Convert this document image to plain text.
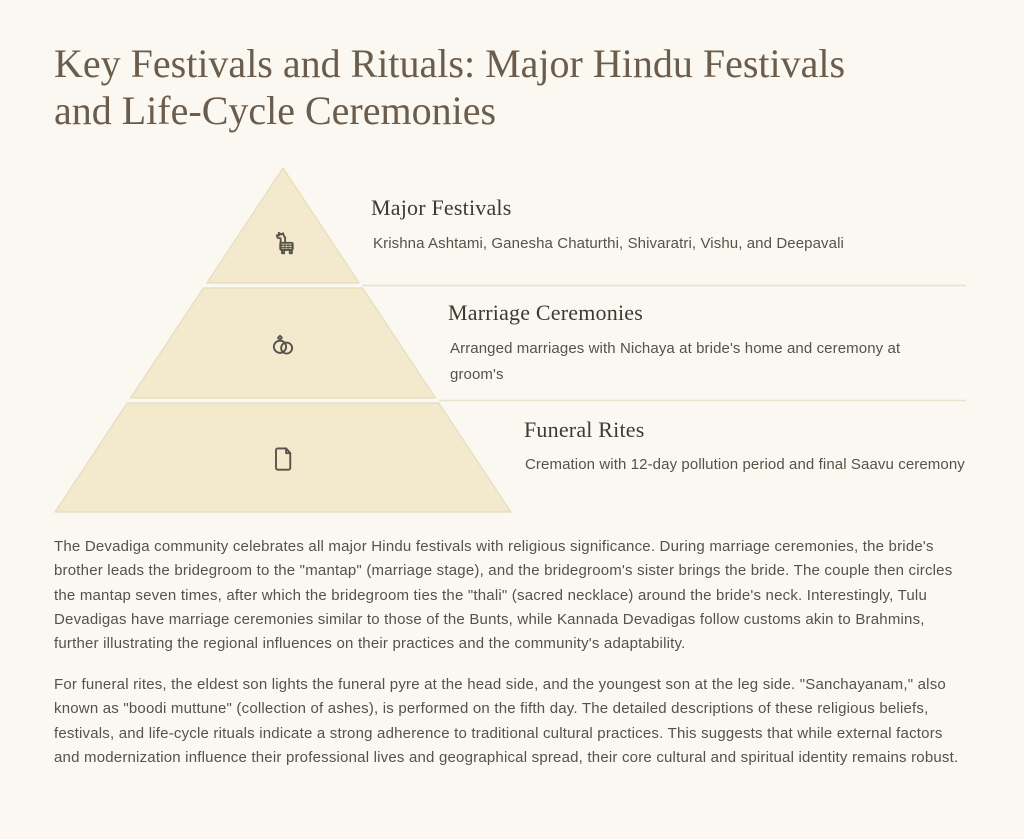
Key Festivals and Rituals: Major Hindu Festivals and Life-Cycle Ceremonies
Major Festivals
Krishna Ashtami, Ganesha Chaturthi, Shivaratri, Vishu, and Deepavali
Marriage Ceremonies
Arranged marriages with Nichaya at bride's home and ceremony at groom's
Funeral Rites
Cremation with 12-day pollution period and final Saavu ceremony

The Devadiga community celebrates all major Hindu festivals with religious significance. During marriage ceremonies, the bride's brother leads the bridegroom to the "mantap" (marriage stage), and the bridegroom's sister brings the bride. The couple then circles the mantap seven times, after which the bridegroom ties the "thali" (sacred necklace) around the bride's neck. Interestingly, Tulu Devadigas have marriage ceremonies similar to those of the Bunts, while Kannada Devadigas follow customs akin to Brahmins, further illustrating the regional influences on their practices and the community's adaptability.

For funeral rites, the eldest son lights the funeral pyre at the head side, and the youngest son at the leg side. "Sanchayanam," also known as "boodi muttune" (collection of ashes), is performed on the fifth day. The detailed descriptions of these religious beliefs, festivals, and life-cycle rituals indicate a strong adherence to traditional cultural practices. This suggests that while external factors and modernization influence their professional lives and geographical spread, their core cultural and spiritual identity remains robust.
